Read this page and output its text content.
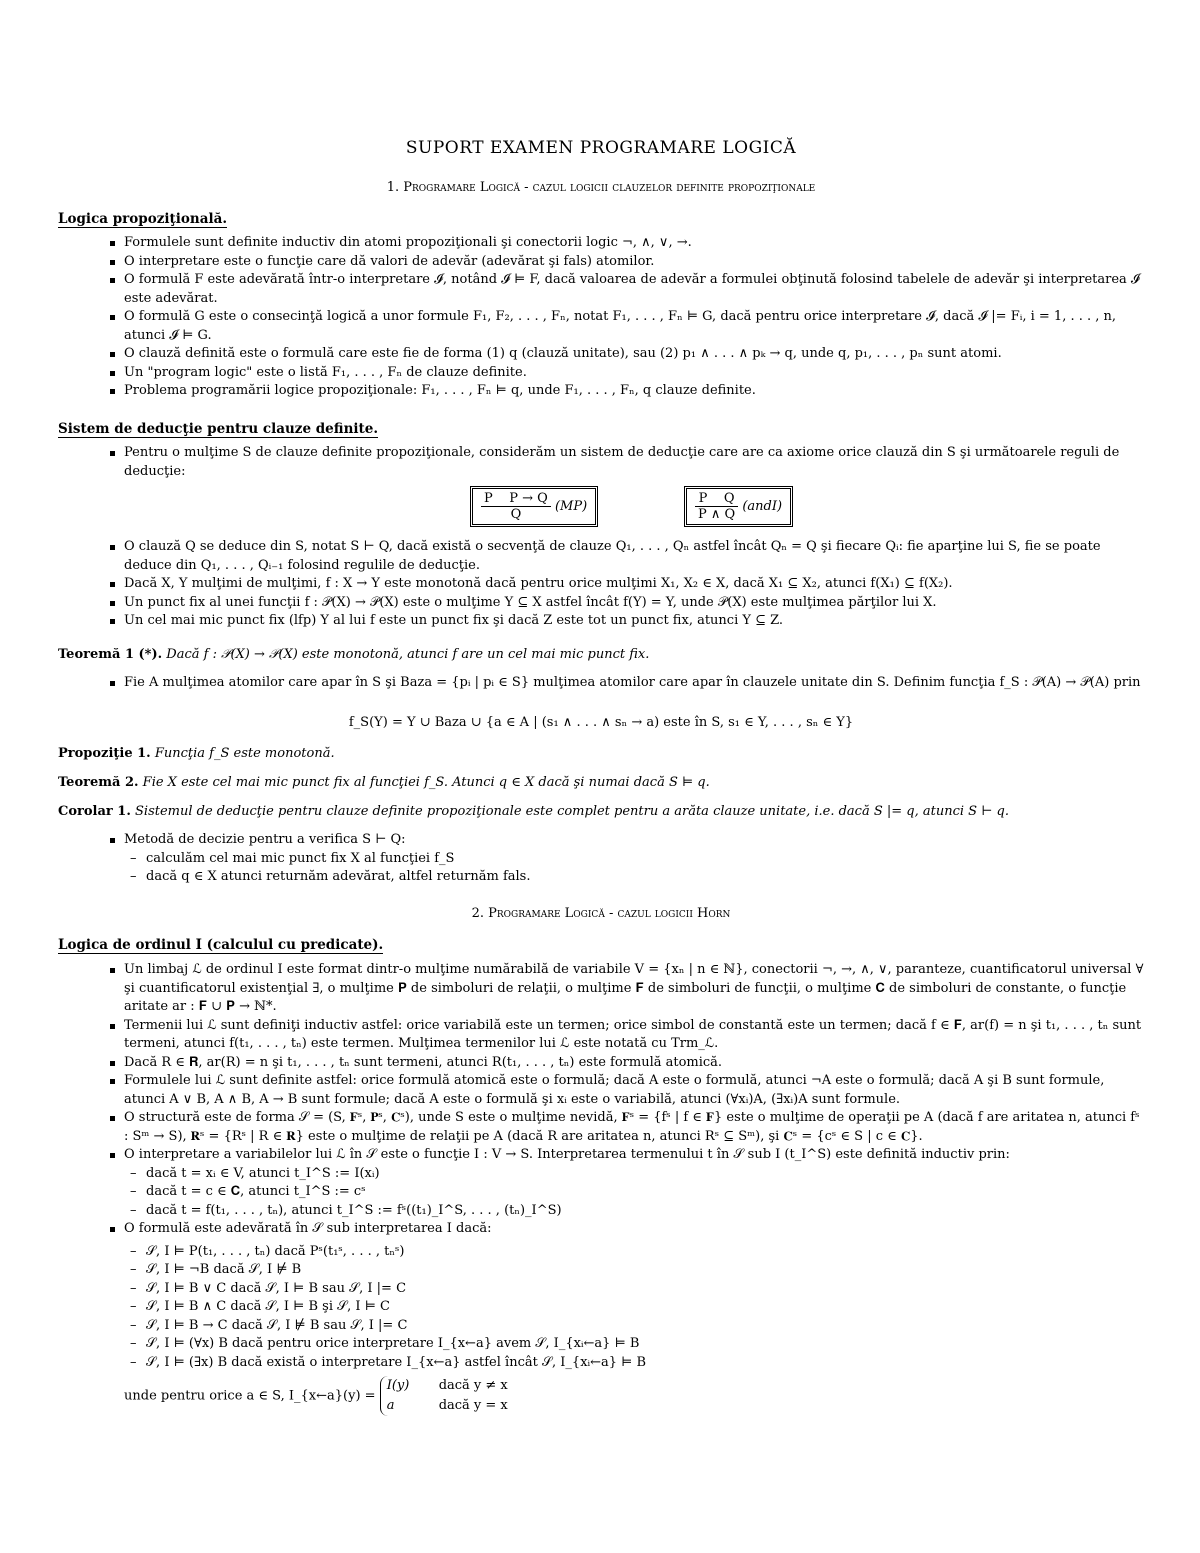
SUPORT EXAMEN PROGRAMARE LOGICĂ
1. Programare Logică - cazul logicii clauzelor definite propoziţionale
Logica propoziţională.
Formulele sunt definite inductiv din atomi propoziţionali şi conectorii logic ¬, ∧, ∨, →.
O interpretare este o funcţie care dă valori de adevăr (adevărat şi fals) atomilor.
O formulă F este adevărată într-o interpretare 𝓘, notând 𝓘 ⊨ F, dacă valoarea de adevăr a formulei obţinută folosind tabelele de adevăr şi interpretarea 𝓘 este adevărat.
O formulă G este o consecinţă logică a unor formule F₁, F₂, . . . , Fₙ, notat F₁, . . . , Fₙ ⊨ G, dacă pentru orice interpretare 𝓘, dacă 𝓘 |= Fᵢ, i = 1, . . . , n, atunci 𝓘 ⊨ G.
O clauză definită este o formulă care este fie de forma (1) q (clauză unitate), sau (2) p₁ ∧ . . . ∧ pₖ → q, unde q, p₁, . . . , pₙ sunt atomi.
Un "program logic" este o listă F₁, . . . , Fₙ de clauze definite.
Problema programării logice propoziţionale: F₁, . . . , Fₙ ⊨ q, unde F₁, . . . , Fₙ, q clauze definite.
Sistem de deducţie pentru clauze definite.
Pentru o mulţime S de clauze definite propoziţionale, considerăm un sistem de deducţie care are ca axiome orice clauză din S şi următoarele reguli de deducţie:
$\frac{\text{P    P → Q}}{Q} (MP)$	$\frac{\text{P    Q}}{P \wedge Q}$ (andI)
O clauză Q se deduce din S, notat S ⊢ Q, dacă există o secvenţă de clauze Q₁, . . . , Qₙ astfel încât Qₙ = Q şi fiecare Qᵢ: fie aparţine lui S, fie se poate deduce din Q₁, . . . , Qᵢ₋₁ folosind regulile de deducţie.
Dacă X, Y mulţimi de mulţimi, f : X → Y este monotonă dacă pentru orice mulţimi X₁, X₂ ∈ X, dacă X₁ ⊆ X₂, atunci f(X₁) ⊆ f(X₂).
Un punct fix al unei funcţii f : 𝒫(X) → 𝒫(X) este o mulţime Y ⊆ X astfel încât f(Y) = Y, unde 𝒫(X) este mulţimea părţilor lui X.
Un cel mai mic punct fix (lfp) Y al lui f este un punct fix şi dacă Z este tot un punct fix, atunci Y ⊆ Z.
Teoremă 1 (*). Dacă f : 𝒫(X) → 𝒫(X) este monotonă, atunci f are un cel mai mic punct fix.
Fie A mulţimea atomilor care apar în S şi Baza = {pᵢ | pᵢ ∈ S} mulţimea atomilor care apar în clauzele unitate din S. Definim funcţia f_S : 𝒫(A) → 𝒫(A) prin
f_S(Y) = Y ∪ Baza ∪ {a ∈ A | (s₁ ∧ . . . ∧ sₙ → a) este în S, s₁ ∈ Y, . . . , sₙ ∈ Y}
Propoziţie 1. Funcţia f_S este monotonă.
Teoremă 2. Fie X este cel mai mic punct fix al funcţiei f_S. Atunci q ∈ X dacă şi numai dacă S ⊨ q.
Corolar 1. Sistemul de deducţie pentru clauze definite propoziţionale este complet pentru a arăta clauze unitate, i.e. dacă S |= q, atunci S ⊢ q.
Metodă de decizie pentru a verifica S ⊢ Q:
– calculăm cel mai mic punct fix X al funcţiei f_S
– dacă q ∈ X atunci returnăm adevărat, altfel returnăm fals.
2. Programare Logică - cazul logicii Horn
Logica de ordinul I (calculul cu predicate).
Un limbaj ℒ de ordinul I este format dintr-o mulţime numărabilă de variabile V = {xₙ | n ∈ ℕ}, conectorii ¬, →, ∧, ∨, paranteze, cuantificatorul universal ∀ şi cuantificatorul existenţial ∃, o mulţime 𝐏 de simboluri de relaţii, o mulţime 𝐅 de simboluri de funcţii, o mulţime 𝐂 de simboluri de constante, o funcţie aritate ar : 𝐅 ∪ 𝐏 → ℕ*.
Termenii lui ℒ sunt definiţi inductiv astfel: orice variabilă este un termen; orice simbol de constantă este un termen; dacă f ∈ 𝐅, ar(f) = n şi t₁, . . . , tₙ sunt termeni, atunci f(t₁, . . . , tₙ) este termen. Mulţimea termenilor lui ℒ este notată cu Trm_ℒ.
Dacă R ∈ 𝐑, ar(R) = n şi t₁, . . . , tₙ sunt termeni, atunci R(t₁, . . . , tₙ) este formulă atomică.
Formulele lui ℒ sunt definite astfel: orice formulă atomică este o formulă; dacă A este o formulă, atunci ¬A este o formulă; dacă A şi B sunt formule, atunci A ∨ B, A ∧ B, A → B sunt formule; dacă A este o formulă şi xᵢ este o variabilă, atunci (∀xᵢ)A, (∃xᵢ)A sunt formule.
O structură este de forma 𝒮 = (S, 𝐅ˢ, 𝐏ˢ, 𝐂ˢ), unde S este o mulţime nevidă, 𝐅ˢ = {fˢ | f ∈ 𝐅} este o mulţime de operaţii pe A (dacă f are aritatea n, atunci fˢ : Sᵐ → S), 𝐑ˢ = {Rˢ | R ∈ 𝐑} este o mulţime de relaţii pe A (dacă R are aritatea n, atunci Rˢ ⊆ Sᵐ), şi 𝐂ˢ = {cˢ ∈ S | c ∈ 𝐂}.
O interpretare a variabilelor lui ℒ în 𝒮 este o funcţie I : V → S. Interpretarea termenului t în 𝒮 sub I (t_I^S) este definită inductiv prin:
– dacă t = xᵢ ∈ V, atunci t_I^S := I(xᵢ)
– dacă t = c ∈ 𝐂, atunci t_I^S := cˢ
– dacă t = f(t₁, . . . , tₙ), atunci t_I^S := fˢ((t₁)_I^S, . . . , (tₙ)_I^S)
O formulă este adevărată în 𝒮 sub interpretarea I dacă:
– 𝒮, I ⊨ P(t₁, . . . , tₙ) dacă Pˢ(t₁ˢ, . . . , tₙˢ)
– 𝒮, I ⊨ ¬B dacă 𝒮, I ⊭ B
– 𝒮, I ⊨ B ∨ C dacă 𝒮, I ⊨ B sau 𝒮, I |= C
– 𝒮, I ⊨ B ∧ C dacă 𝒮, I ⊨ B şi 𝒮, I ⊨ C
– 𝒮, I ⊨ B → C dacă 𝒮, I ⊭ B sau 𝒮, I |= C
– 𝒮, I ⊨ (∀x) B dacă pentru orice interpretare I_{x←a} avem 𝒮, I_{xᵢ←a} ⊨ B
– 𝒮, I ⊨ (∃x) B dacă există o interpretare I_{x←a} astfel încât 𝒮, I_{xᵢ←a} ⊨ B
unde pentru orice a ∈ S, I_{x←a}(y) =
I(y) dacă y ≠ x
a	dacă y = x
